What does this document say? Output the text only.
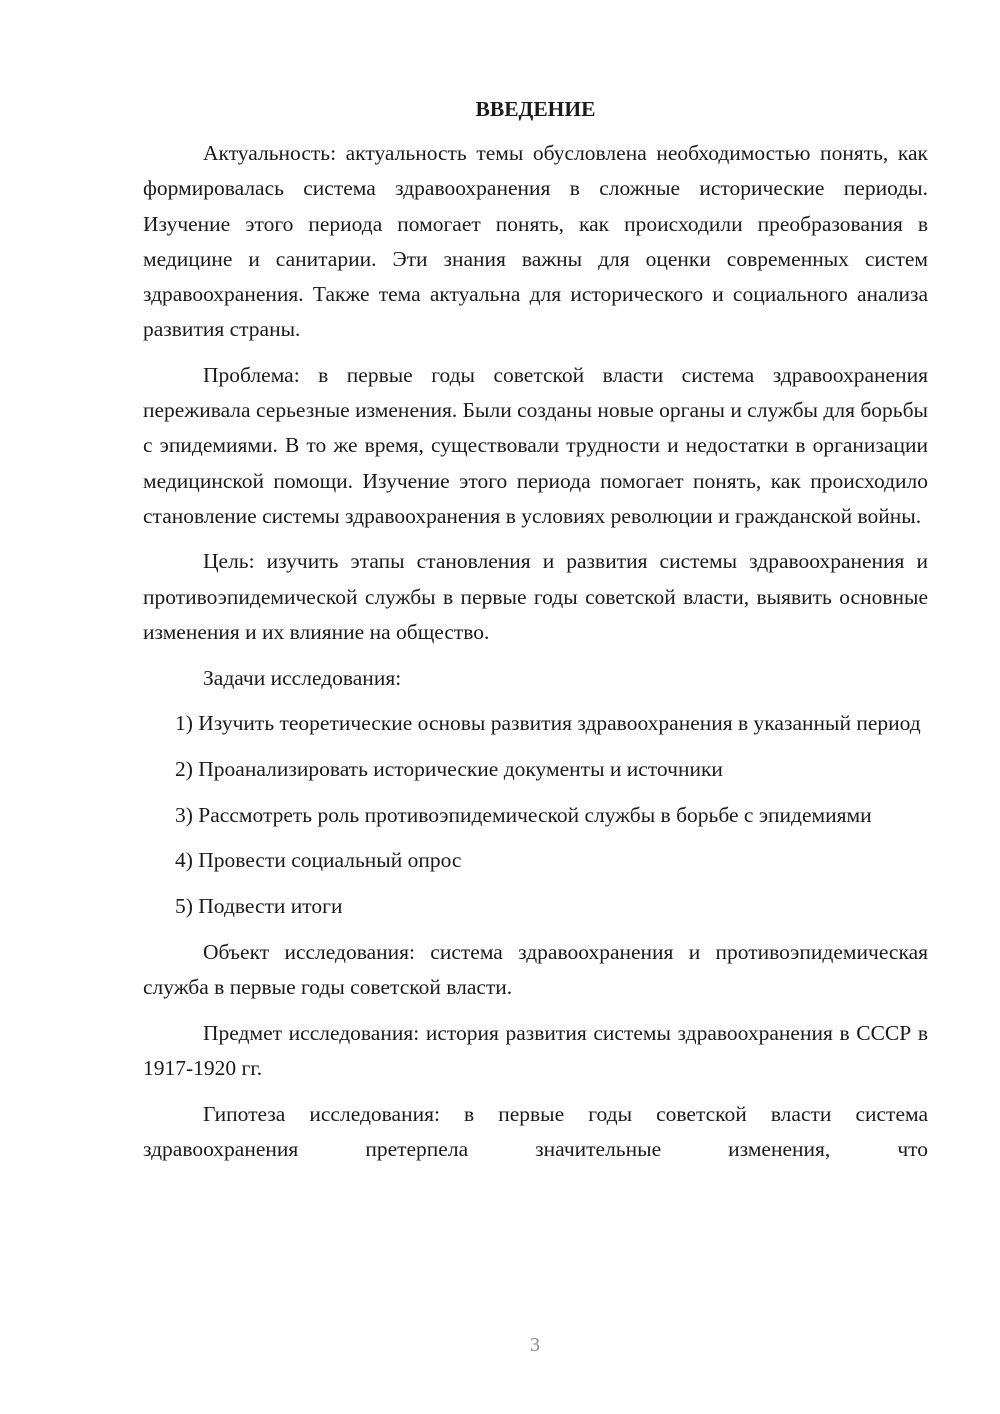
ВВЕДЕНИЕ

Актуальность: актуальность темы обусловлена необходимостью понять, как формировалась система здравоохранения в сложные исторические периоды. Изучение этого периода помогает понять, как происходили преобразования в медицине и санитарии. Эти знания важны для оценки современных систем здравоохранения. Также тема актуальна для исторического и социального анализа развития страны.

Проблема: в первые годы советской власти система здравоохранения переживала серьезные изменения. Были созданы новые органы и службы для борьбы с эпидемиями. В то же время, существовали трудности и недостатки в организации медицинской помощи. Изучение этого периода помогает понять, как происходило становление системы здравоохранения в условиях революции и гражданской войны.

Цель: изучить этапы становления и развития системы здравоохранения и противоэпидемической службы в первые годы советской власти, выявить основные изменения и их влияние на общество.

Задачи исследования:

1) Изучить теоретические основы развития здравоохранения в указанный период

2) Проанализировать исторические документы и источники

3) Рассмотреть роль противоэпидемической службы в борьбе с эпидемиями

4) Провести социальный опрос

5) Подвести итоги

Объект исследования: система здравоохранения и противоэпидемическая служба в первые годы советской власти.

Предмет исследования: история развития системы здравоохранения в СССР в 1917-1920 гг.

Гипотеза исследования: в первые годы советской власти система здравоохранения претерпела значительные изменения, что

3
